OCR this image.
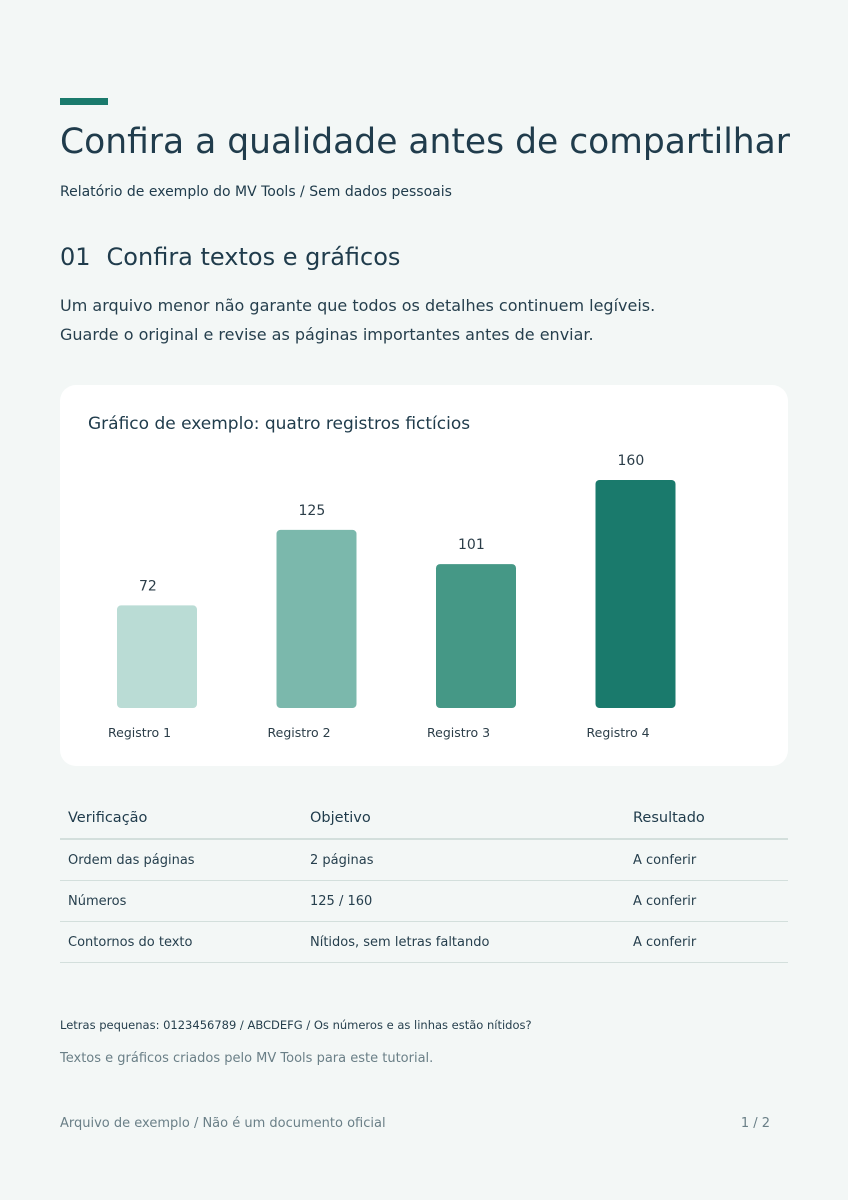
Confira a qualidade antes de compartilhar
Relatório de exemplo do MV Tools / Sem dados pessoais
01 Confira textos e gráficos
Um arquivo menor não garante que todos os detalhes continuem legíveis.
Guarde o original e revise as páginas importantes antes de enviar.
Gráfico de exemplo: quatro registros fictícios
72
Registro 1
125
Registro 2
101
Registro 3
160
Registro 4
Verificação	Objetivo	Resultado
Ordem das páginas	2 páginas	A conferir
Números	125 / 160	A conferir
Contornos do texto	Nítidos, sem letras faltando	A conferir
Letras pequenas: 0123456789 / ABCDEFG / Os números e as linhas estão nítidos?
Textos e gráficos criados pelo MV Tools para este tutorial.
Arquivo de exemplo / Não é um documento oficial	1 / 2
